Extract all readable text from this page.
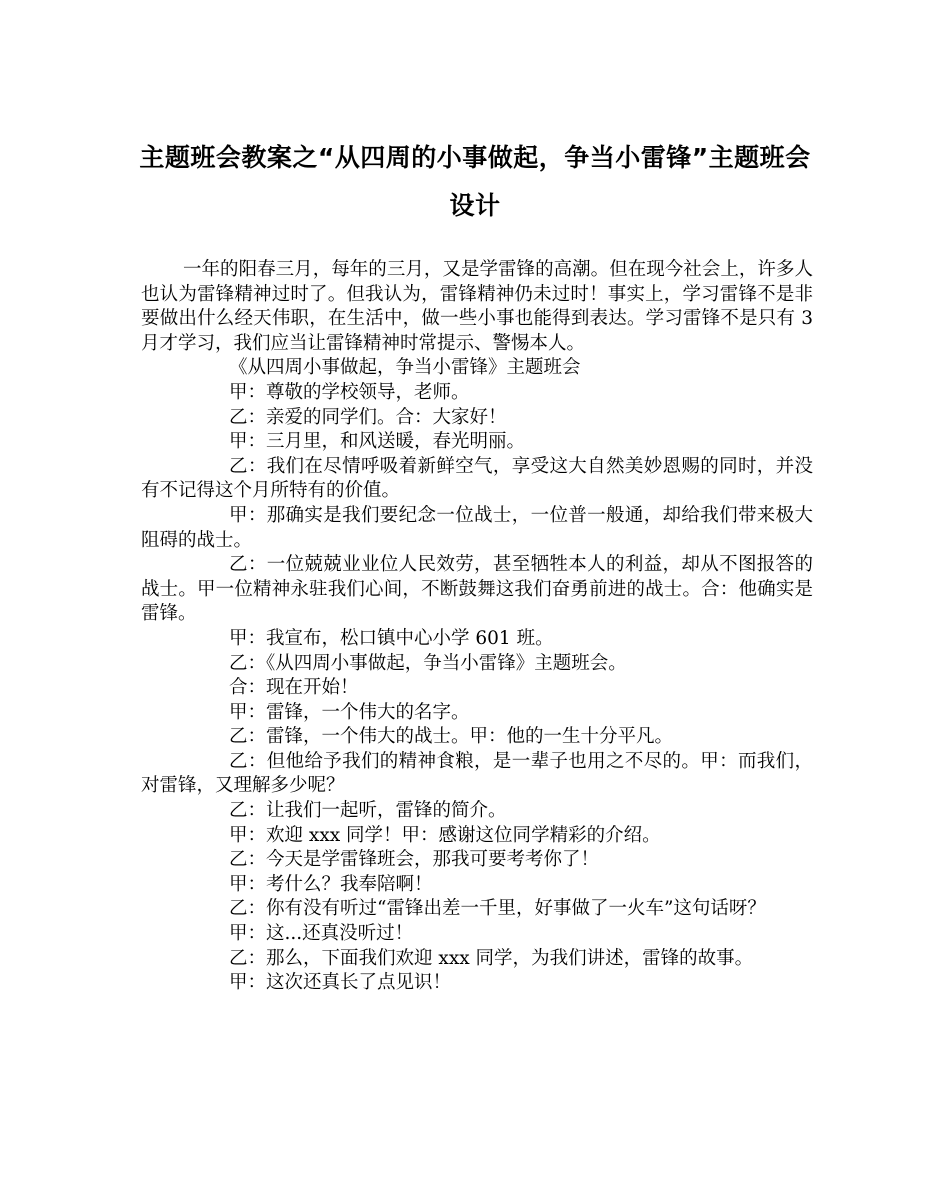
主题班会教案之“从四周的小事做起，争当小雷锋”主题班会设计

一年的阳春三月，每年的三月，又是学雷锋的高潮。但在现今社会上，许多人也认为雷锋精神过时了。但我认为，雷锋精神仍未过时！事实上，学习雷锋不是非要做出什么经天伟职，在生活中，做一些小事也能得到表达。学习雷锋不是只有 3 月才学习，我们应当让雷锋精神时常提示、警惕本人。

《从四周小事做起，争当小雷锋》主题班会

甲：尊敬的学校领导，老师。

乙：亲爱的同学们。合：大家好！

甲：三月里，和风送暖，春光明丽。

乙：我们在尽情呼吸着新鲜空气，享受这大自然美妙恩赐的同时，并没有不记得这个月所特有的价值。

甲：那确实是我们要纪念一位战士，一位普一般通，却给我们带来极大阻碍的战士。

乙：一位兢兢业业位人民效劳，甚至牺牲本人的利益，却从不图报答的战士。甲一位精神永驻我们心间，不断鼓舞这我们奋勇前进的战士。合：他确实是雷锋。

甲：我宣布，松口镇中心小学 601 班。

乙：《从四周小事做起，争当小雷锋》主题班会。

合：现在开始！

甲：雷锋，一个伟大的名字。

乙：雷锋，一个伟大的战士。甲：他的一生十分平凡。

乙：但他给予我们的精神食粮，是一辈子也用之不尽的。甲：而我们，对雷锋，又理解多少呢？

乙：让我们一起听，雷锋的简介。

甲：欢迎 xxx 同学！甲：感谢这位同学精彩的介绍。

乙：今天是学雷锋班会，那我可要考考你了！

甲：考什么？我奉陪啊！

乙：你有没有听过“雷锋出差一千里，好事做了一火车”这句话呀？

甲：这...还真没听过！

乙：那么，下面我们欢迎 xxx 同学，为我们讲述，雷锋的故事。

甲：这次还真长了点见识！
